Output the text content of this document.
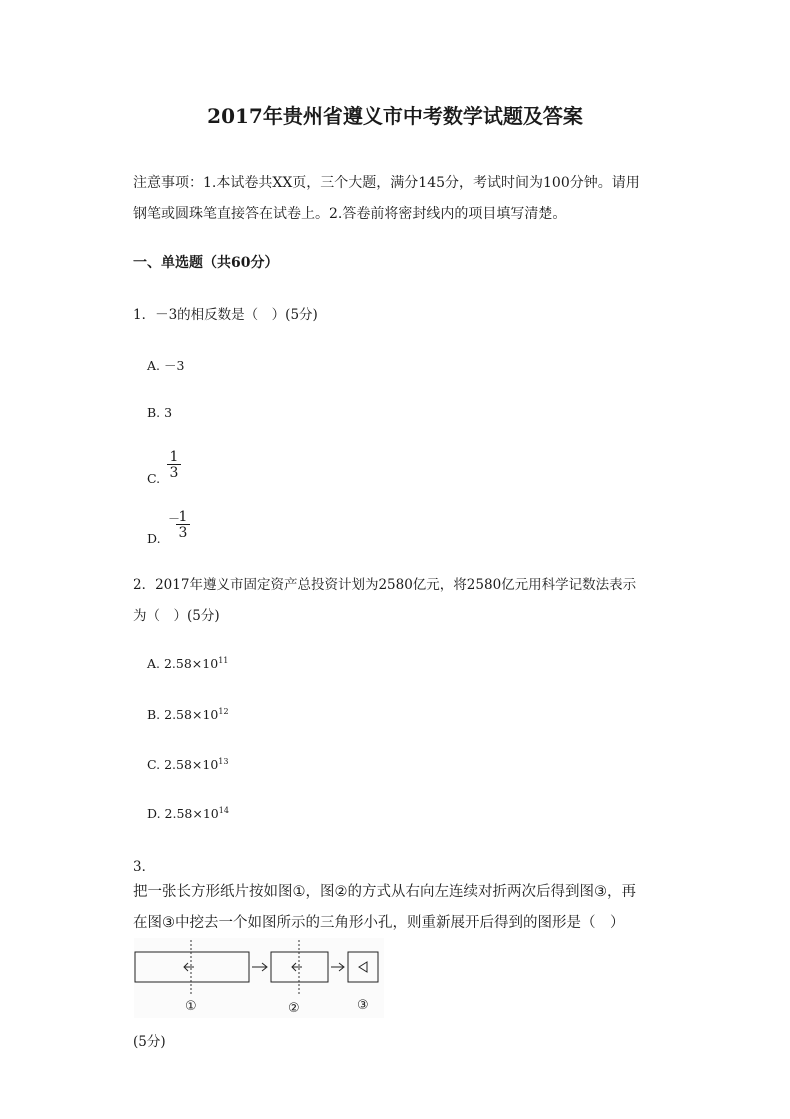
2017年贵州省遵义市中考数学试题及答案
注意事项：1.本试卷共XX页，三个大题，满分145分，考试时间为100分钟。请用
钢笔或圆珠笔直接答在试卷上。2.答卷前将密封线内的项目填写清楚。
一、单选题（共60分）
1．－3的相反数是（　）(5分)
A. －3
B. 3
C. $\frac{1}{3}$
D.
－
$\frac{1}{3}$
2．2017年遵义市固定资产总投资计划为2580亿元，将2580亿元用科学记数法表示
为（　）(5分)
A. $2.58\times 10^{11}$
B. $2.58\times 10^{12}$
C. $2.58\times 10^{13}$
D. $2.58\times 10^{14}$
3．
把一张长方形纸片按如图①，图②的方式从右向左连续对折两次后得到图③，再
在图③中挖去一个如图所示的三角形小孔，则重新展开后得到的图形是（　）
①	②	③
(5分)
